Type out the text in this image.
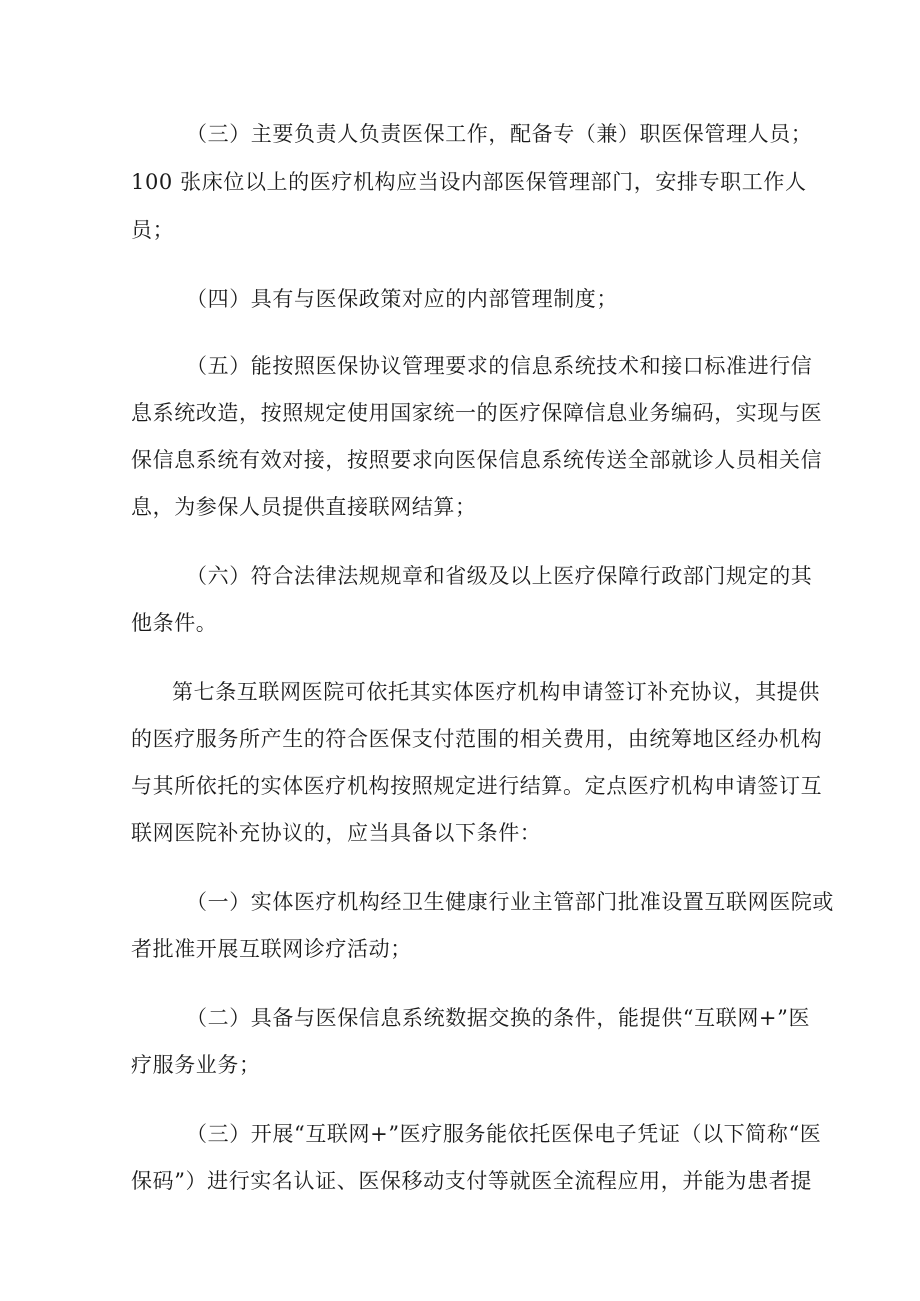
（三）主要负责人负责医保工作，配备专（兼）职医保管理人员；
100 张床位以上的医疗机构应当设内部医保管理部门，安排专职工作人
员；
（四）具有与医保政策对应的内部管理制度；
（五）能按照医保协议管理要求的信息系统技术和接口标准进行信
息系统改造，按照规定使用国家统一的医疗保障信息业务编码，实现与医
保信息系统有效对接，按照要求向医保信息系统传送全部就诊人员相关信
息，为参保人员提供直接联网结算；
（六）符合法律法规规章和省级及以上医疗保障行政部门规定的其
他条件。
第七条互联网医院可依托其实体医疗机构申请签订补充协议，其提供
的医疗服务所产生的符合医保支付范围的相关费用，由统筹地区经办机构
与其所依托的实体医疗机构按照规定进行结算。定点医疗机构申请签订互
联网医院补充协议的，应当具备以下条件：
（一）实体医疗机构经卫生健康行业主管部门批准设置互联网医院或
者批准开展互联网诊疗活动；
（二）具备与医保信息系统数据交换的条件，能提供“互联网+”医
疗服务业务；
（三）开展“互联网+”医疗服务能依托医保电子凭证（以下简称“医
保码”）进行实名认证、医保移动支付等就医全流程应用，并能为患者提
